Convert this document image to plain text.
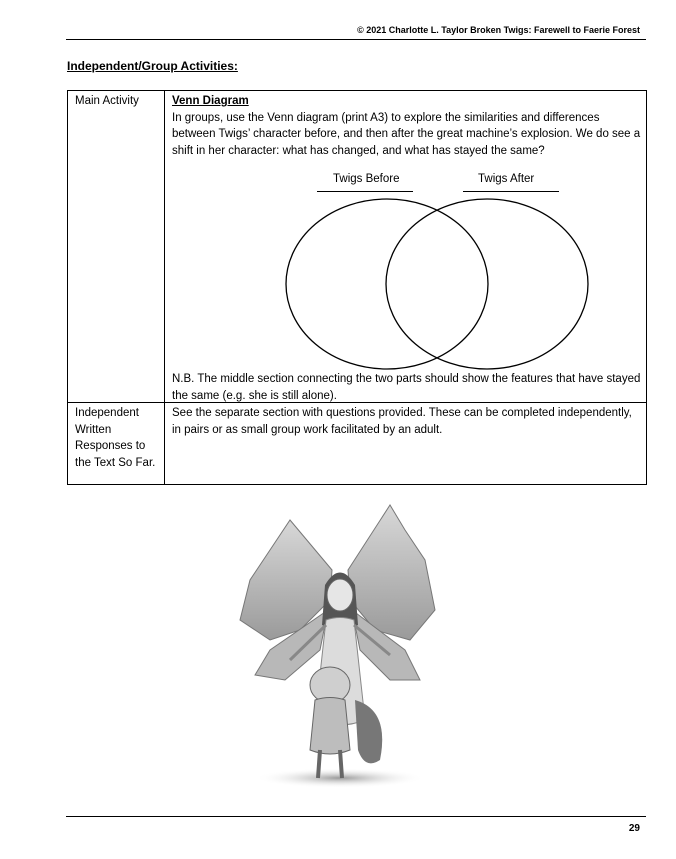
© 2021 Charlotte L. Taylor Broken Twigs: Farewell to Faerie Forest
Independent/Group Activities:
Main Activity	Venn Diagram
In groups, use the Venn diagram (print A3) to explore the similarities and differences between Twigs’ character before, and then after the great machine’s explosion. We do see a shift in her character: what has changed, and what has stayed the same?
Twigs Before	Twigs After
N.B. The middle section connecting the two parts should show the features that have stayed the same (e.g. she is still alone).
Independent Written Responses to the Text So Far.
See the separate section with questions provided. These can be completed independently, in pairs or as small group work facilitated by an adult.
29
